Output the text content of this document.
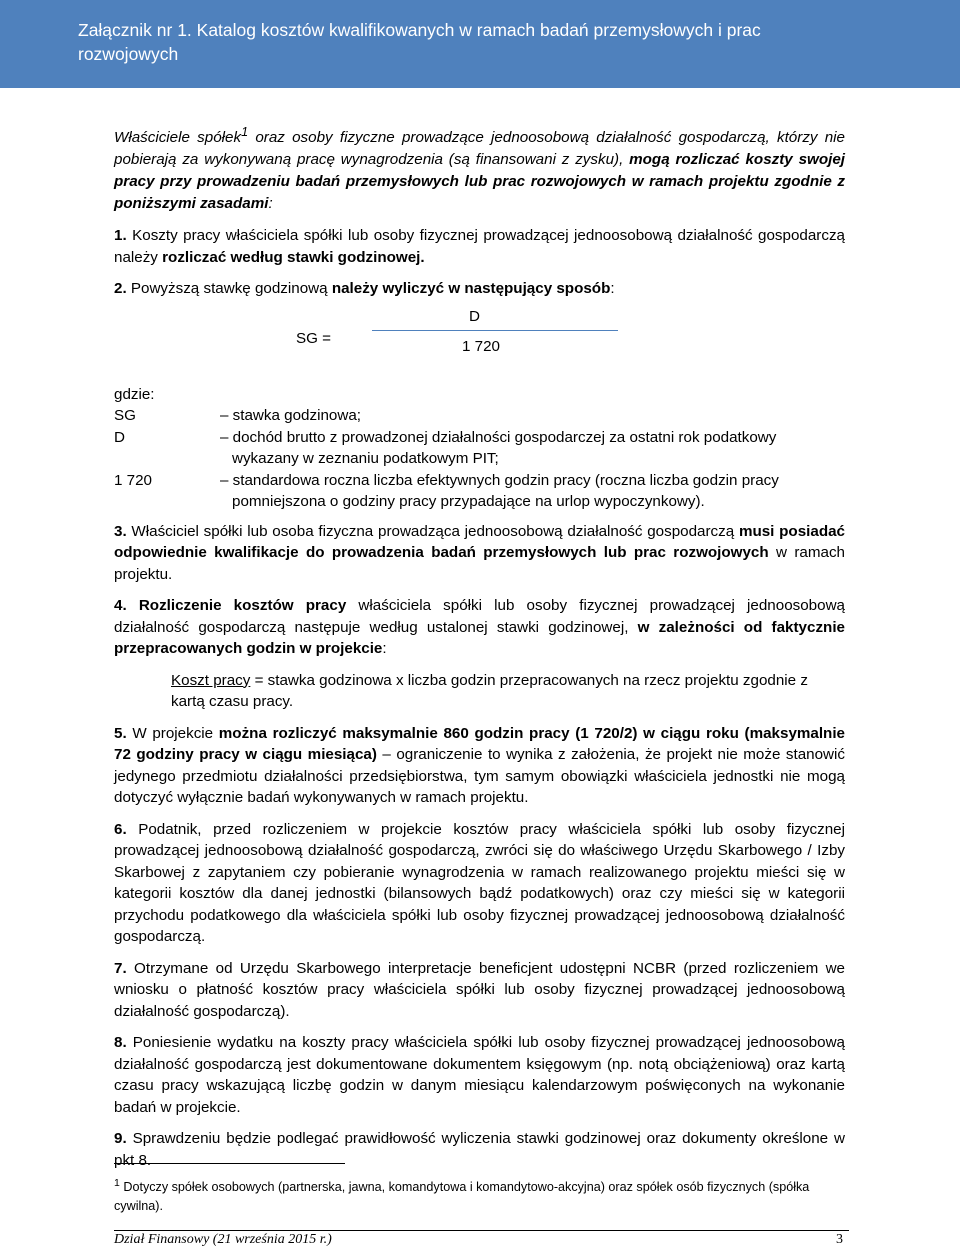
Załącznik nr 1. Katalog kosztów kwalifikowanych w ramach badań przemysłowych i prac rozwojowych

Właściciele spółek$^1$ oraz osoby fizyczne prowadzące jednoosobową działalność gospodarczą, którzy nie pobierają za wykonywaną pracę wynagrodzenia (są finansowani z zysku), mogą rozliczać koszty swojej pracy przy prowadzeniu badań przemysłowych lub prac rozwojowych w ramach projektu zgodnie z poniższymi zasadami:

1. Koszty pracy właściciela spółki lub osoby fizycznej prowadzącej jednoosobową działalność gospodarczą należy rozliczać według stawki godzinowej.

2. Powyższą stawkę godzinową należy wyliczyć w następujący sposób:

SG =
D
1 720

gdzie:

SG	– stawka godzinowa;
D	– dochód brutto z prowadzonej działalności gospodarczej za ostatni rok podatkowy
wykazany w zeznaniu podatkowym PIT;
1 720	– standardowa roczna liczba efektywnych godzin pracy (roczna liczba godzin pracy
pomniejszona o godziny pracy przypadające na urlop wypoczynkowy).

3. Właściciel spółki lub osoba fizyczna prowadząca jednoosobową działalność gospodarczą musi posiadać odpowiednie kwalifikacje do prowadzenia badań przemysłowych lub prac rozwojowych w ramach projektu.

4. Rozliczenie kosztów pracy właściciela spółki lub osoby fizycznej prowadzącej jednoosobową działalność gospodarczą następuje według ustalonej stawki godzinowej, w zależności od faktycznie przepracowanych godzin w projekcie:

Koszt pracy = stawka godzinowa x liczba godzin przepracowanych na rzecz projektu zgodnie z kartą czasu pracy.

5. W projekcie można rozliczyć maksymalnie 860 godzin pracy (1 720/2) w ciągu roku (maksymalnie 72 godziny pracy w ciągu miesiąca) – ograniczenie to wynika z założenia, że projekt nie może stanowić jedynego przedmiotu działalności przedsiębiorstwa, tym samym obowiązki właściciela jednostki nie mogą dotyczyć wyłącznie badań wykonywanych w ramach projektu.

6. Podatnik, przed rozliczeniem w projekcie kosztów pracy właściciela spółki lub osoby fizycznej prowadzącej jednoosobową działalność gospodarczą, zwróci się do właściwego Urzędu Skarbowego / Izby Skarbowej z zapytaniem czy pobieranie wynagrodzenia w ramach realizowanego projektu mieści się w kategorii kosztów dla danej jednostki (bilansowych bądź podatkowych) oraz czy mieści się w kategorii przychodu podatkowego dla właściciela spółki lub osoby fizycznej prowadzącej jednoosobową działalność gospodarczą.

7. Otrzymane od Urzędu Skarbowego interpretacje beneficjent udostępni NCBR (przed rozliczeniem we wniosku o płatność kosztów pracy właściciela spółki lub osoby fizycznej prowadzącej jednoosobową działalność gospodarczą).

8. Poniesienie wydatku na koszty pracy właściciela spółki lub osoby fizycznej prowadzącej jednoosobową działalność gospodarczą jest dokumentowane dokumentem księgowym (np. notą obciążeniową) oraz kartą czasu pracy wskazującą liczbę godzin w danym miesiącu kalendarzowym poświęconych na wykonanie badań w projekcie.

9. Sprawdzeniu będzie podlegać prawidłowość wyliczenia stawki godzinowej oraz dokumenty określone w pkt 8.

$^1$ Dotyczy spółek osobowych (partnerska, jawna, komandytowa i komandytowo-akcyjna) oraz spółek osób fizycznych (spółka cywilna).
Dział Finansowy (21 września 2015 r.)	3
